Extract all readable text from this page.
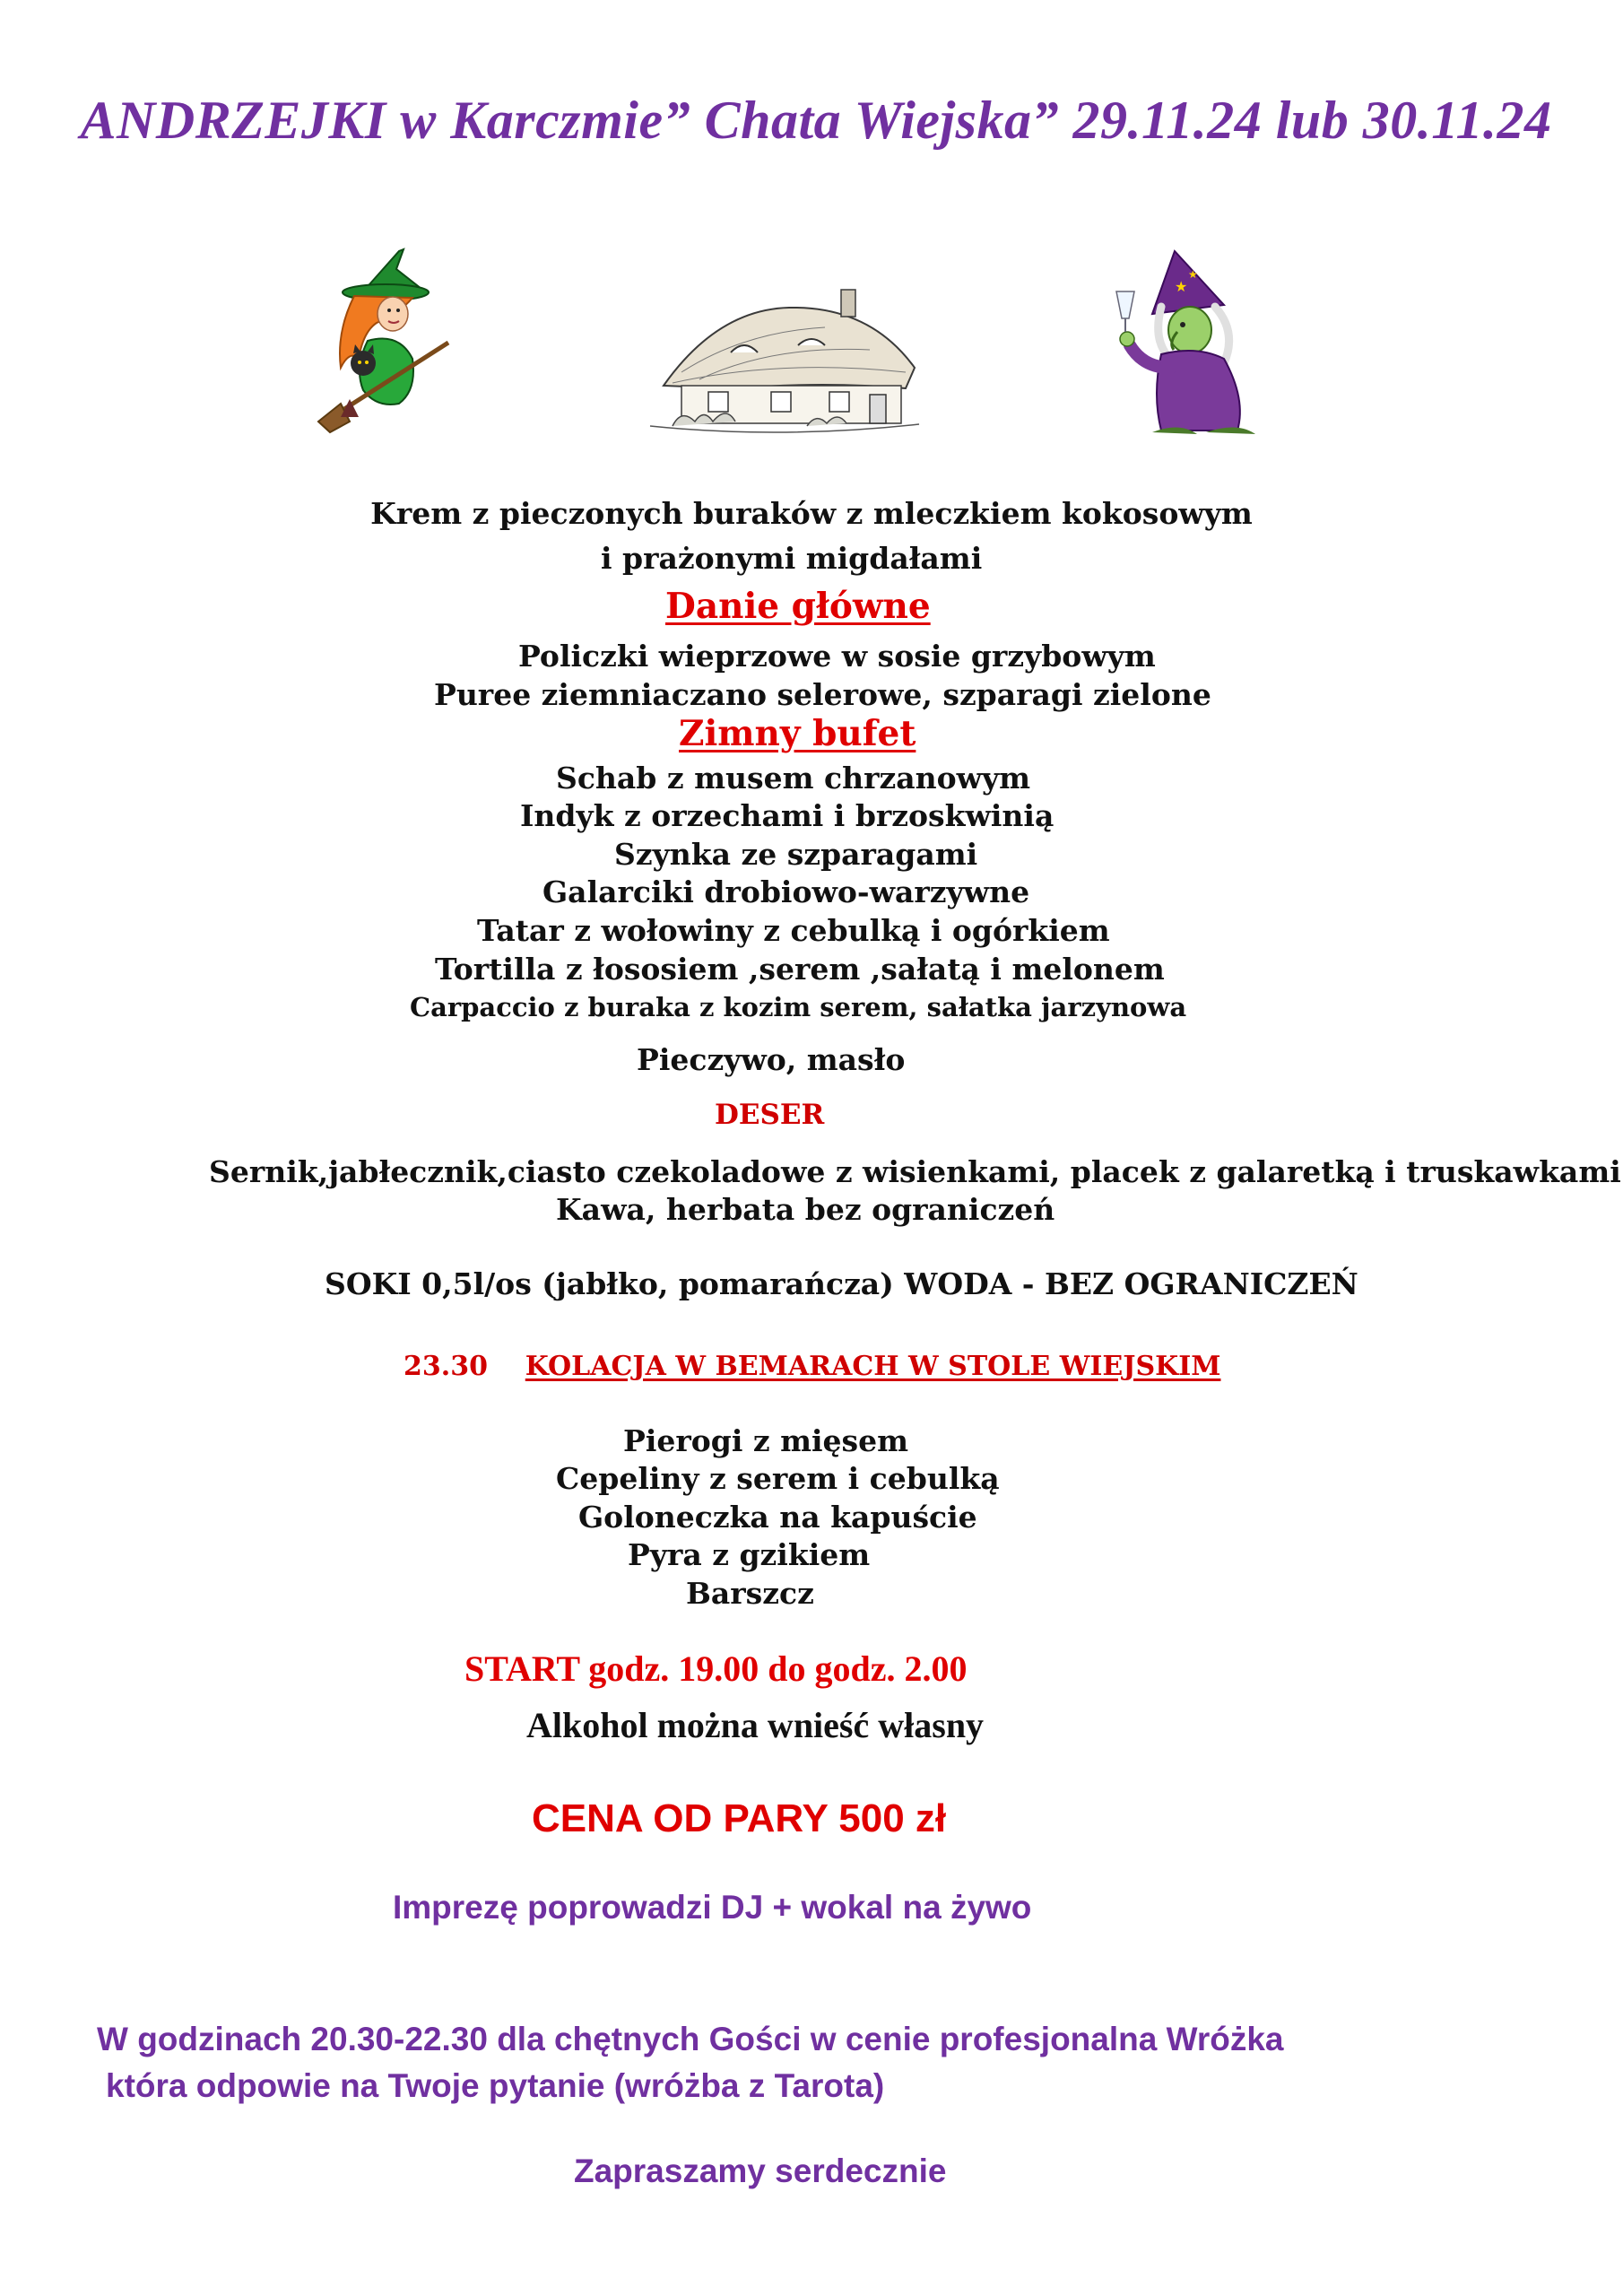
ANDRZEJKI w Karczmie” Chata Wiejska” 29.11.24 lub 30.11.24
★
★
Krem z pieczonych buraków z mleczkiem kokosowym
i prażonymi migdałami
Danie główne
Policzki wieprzowe w sosie grzybowym
Puree ziemniaczano selerowe, szparagi zielone
Zimny bufet
Schab z musem chrzanowym
Indyk z orzechami i brzoskwinią
Szynka ze szparagami
Galarciki drobiowo-warzywne
Tatar z wołowiny z cebulką i ogórkiem
Tortilla z łososiem ,serem ,sałatą i melonem
Carpaccio z buraka z kozim serem, sałatka jarzynowa
Pieczywo, masło
DESER
Sernik,jabłecznik,ciasto czekoladowe z wisienkami, placek z galaretką i truskawkami
Kawa, herbata bez ograniczeń
SOKI 0,5l/os (jabłko, pomarańcza) WODA - BEZ OGRANICZEŃ
23.30 KOLACJA W BEMARACH W STOLE WIEJSKIM
Pierogi z mięsem
Cepeliny z serem i cebulką
Goloneczka na kapuście
Pyra z gzikiem
Barszcz
START godz. 19.00 do godz. 2.00
Alkohol można wnieść własny
CENA OD PARY 500 zł
Imprezę poprowadzi DJ + wokal na żywo
W godzinach 20.30-22.30 dla chętnych Gości w cenie profesjonalna Wróżka
która odpowie na Twoje pytanie (wróżba z Tarota)
Zapraszamy serdecznie
